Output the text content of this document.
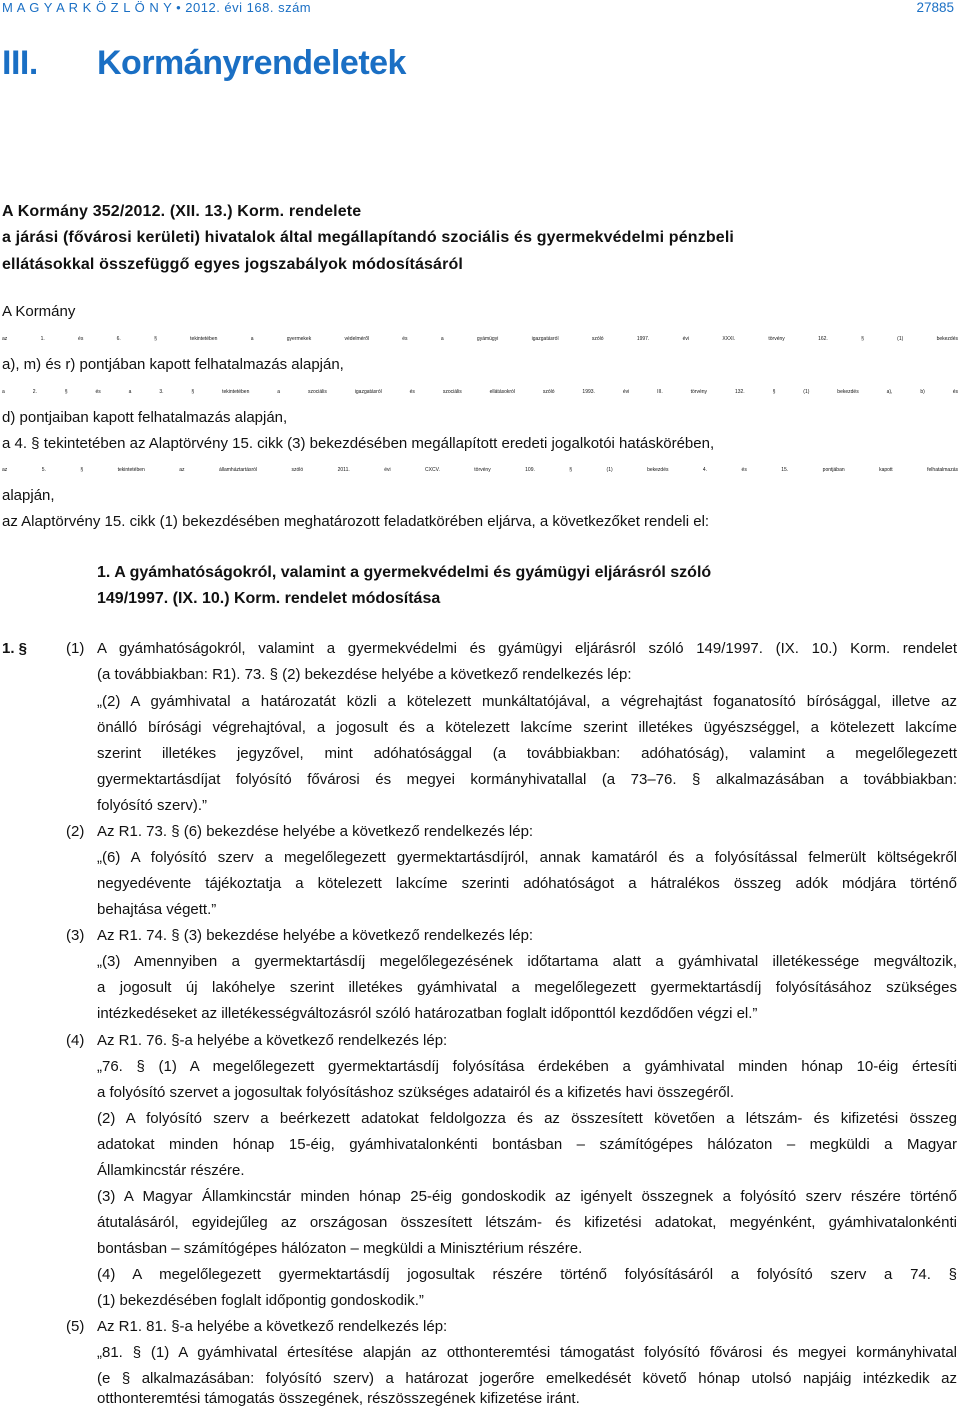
M A G Y A R K Ö Z L Ö N Y • 2012. évi 168. szám	27885
III. Kormányrendeletek
A Kormány 352/2012. (XII. 13.) Korm. rendelete
a járási (fővárosi kerületi) hivatalok által megállapítandó szociális és gyermekvédelmi pénzbeli
ellátásokkal összefüggő egyes jogszabályok módosításáról
A Kormány
az 1. és 6. § tekintetében a gyermekek védelméről és a gyámügyi igazgatásról szóló 1997. évi XXXI. törvény 162. § (1) bekezdés
a), m) és r) pontjában kapott felhatalmazás alapján,
a 2. § és a 3. § tekintetében a szociális igazgatásról és szociális ellátásokról szóló 1993. évi III. törvény 132. § (1) bekezdés a), b) és
d) pontjaiban kapott felhatalmazás alapján,
a 4. § tekintetében az Alaptörvény 15. cikk (3) bekezdésében megállapított eredeti jogalkotói hatáskörében,
az 5. § tekintetében az államháztartásról szóló 2011. évi CXCV. törvény 109. § (1) bekezdés 4. és 15. pontjában kapott felhatalmazás
alapján,
az Alaptörvény 15. cikk (1) bekezdésében meghatározott feladatkörében eljárva, a következőket rendeli el:
1. A gyámhatóságokról, valamint a gyermekvédelmi és gyámügyi eljárásról szóló
149/1997. (IX. 10.) Korm. rendelet módosítása
1. §	(1) A gyámhatóságokról, valamint a gyermekvédelmi és gyámügyi eljárásról szóló 149/1997. (IX. 10.) Korm. rendelet
(a továbbiakban: R1). 73. § (2) bekezdése helyébe a következő rendelkezés lép:
„(2) A gyámhivatal a határozatát közli a kötelezett munkáltatójával, a végrehajtást foganatosító bírósággal, illetve az
önálló bírósági végrehajtóval, a jogosult és a kötelezett lakcíme szerint illetékes ügyészséggel, a kötelezett lakcíme
szerint illetékes jegyzővel, mint adóhatósággal (a továbbiakban: adóhatóság), valamint a megelőlegezett
gyermektartásdíjat folyósító fővárosi és megyei kormányhivatallal (a 73–76. § alkalmazásában a továbbiakban:
folyósító szerv).”
(2) Az R1. 73. § (6) bekezdése helyébe a következő rendelkezés lép:
„(6) A folyósító szerv a megelőlegezett gyermektartásdíjról, annak kamatáról és a folyósítással felmerült költségekről
negyedévente tájékoztatja a kötelezett lakcíme szerinti adóhatóságot a hátralékos összeg adók módjára történő
behajtása végett.”
(3) Az R1. 74. § (3) bekezdése helyébe a következő rendelkezés lép:
„(3) Amennyiben a gyermektartásdíj megelőlegezésének időtartama alatt a gyámhivatal illetékessége megváltozik,
a jogosult új lakóhelye szerint illetékes gyámhivatal a megelőlegezett gyermektartásdíj folyósításához szükséges
intézkedéseket az illetékességváltozásról szóló határozatban foglalt időponttól kezdődően végzi el.”
(4) Az R1. 76. §-a helyébe a következő rendelkezés lép:
„76. § (1) A megelőlegezett gyermektartásdíj folyósítása érdekében a gyámhivatal minden hónap 10-éig értesíti
a folyósító szervet a jogosultak folyósításhoz szükséges adatairól és a kifizetés havi összegéről.
(2) A folyósító szerv a beérkezett adatokat feldolgozza és az összesített követően a létszám- és kifizetési összeg
adatokat minden hónap 15-éig, gyámhivatalonkénti bontásban – számítógépes hálózaton – megküldi a Magyar
Államkincstár részére.
(3) A Magyar Államkincstár minden hónap 25-éig gondoskodik az igényelt összegnek a folyósító szerv részére történő
átutalásáról, egyidejűleg az országosan összesített létszám- és kifizetési adatokat, megyénként, gyámhivatalonkénti
bontásban – számítógépes hálózaton – megküldi a Minisztérium részére.
(4) A megelőlegezett gyermektartásdíj jogosultak részére történő folyósításáról a folyósító szerv a 74. §
(1) bekezdésében foglalt időpontig gondoskodik.”
(5) Az R1. 81. §-a helyébe a következő rendelkezés lép:
„81. § (1) A gyámhivatal értesítése alapján az otthonteremtési támogatást folyósító fővárosi és megyei kormányhivatal
(e § alkalmazásában: folyósító szerv) a határozat jogerőre emelkedését követő hónap utolsó napjáig intézkedik az
otthonteremtési támogatás összegének, részösszegének kifizetése iránt.
